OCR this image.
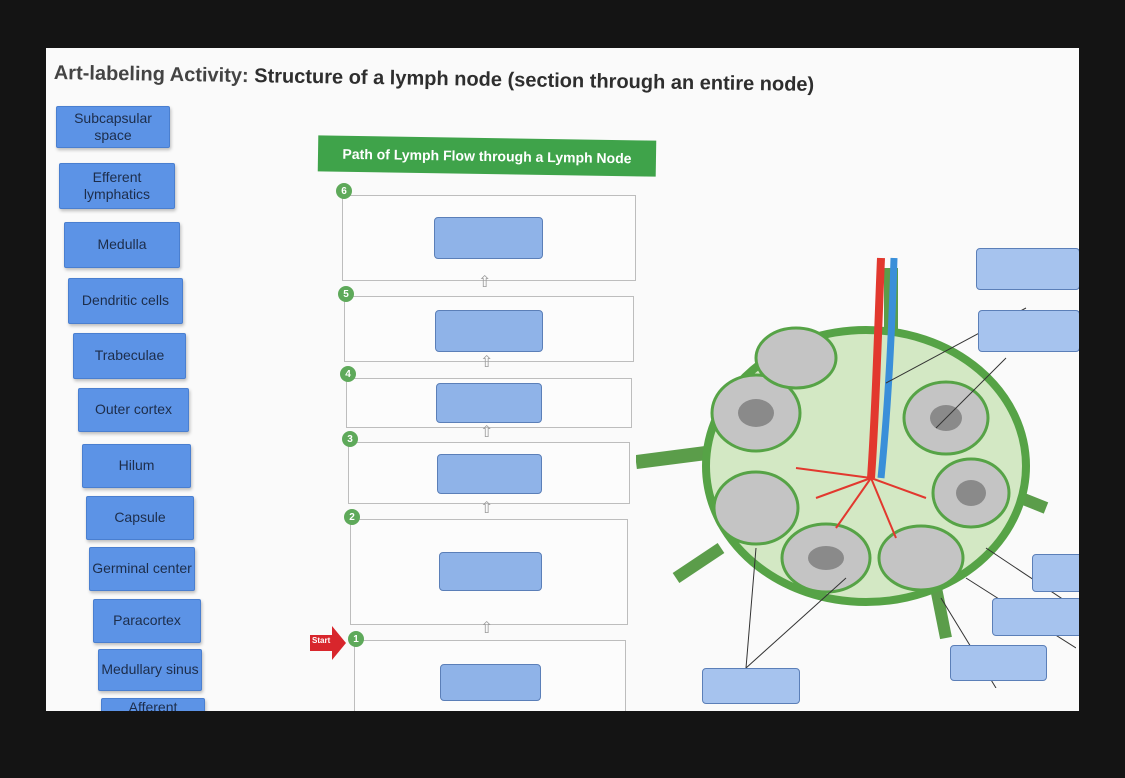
Art-labeling Activity: Structure of a lymph node (section through an entire node)
Subcapsular space
Efferent lymphatics
Medulla
Dendritic cells
Trabeculae
Outer cortex
Hilum
Capsule
Germinal center
Paracortex
Medullary sinus
Afferent
Path of Lymph Flow through a Lymph Node
6
⇧
5
⇧
4
⇧
3
⇧
2
⇧
1
Start
